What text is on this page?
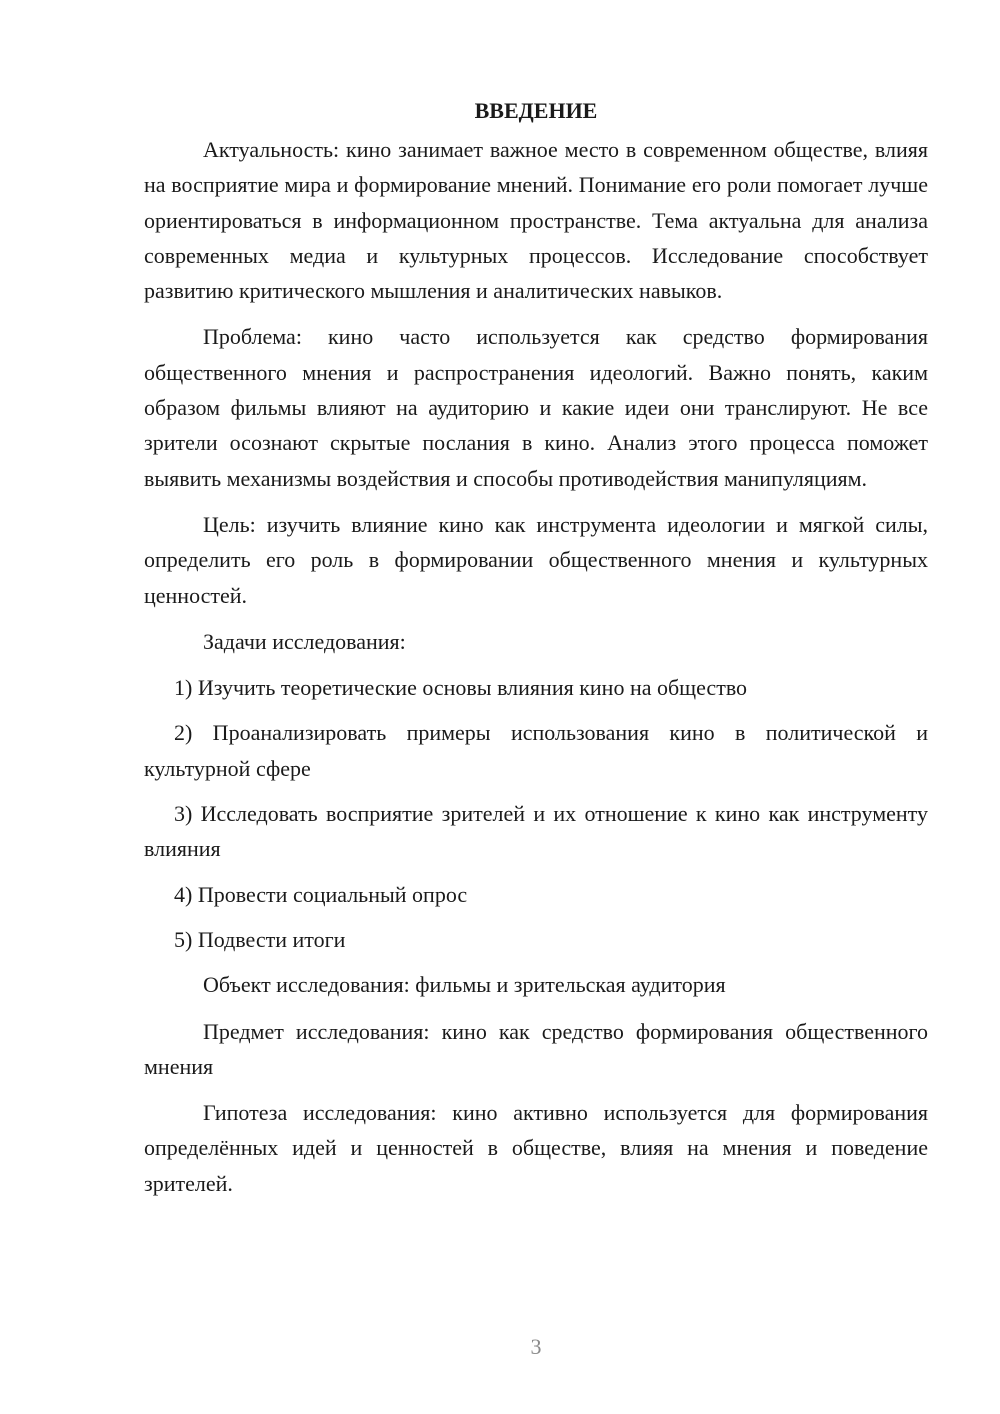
ВВЕДЕНИЕ

Актуальность: кино занимает важное место в современном обществе, влияя на восприятие мира и формирование мнений. Понимание его роли помогает лучше ориентироваться в информационном пространстве. Тема актуальна для анализа современных медиа и культурных процессов. Исследование способствует развитию критического мышления и аналитических навыков.

Проблема: кино часто используется как средство формирования общественного мнения и распространения идеологий. Важно понять, каким образом фильмы влияют на аудиторию и какие идеи они транслируют. Не все зрители осознают скрытые послания в кино. Анализ этого процесса поможет выявить механизмы воздействия и способы противодействия манипуляциям.

Цель: изучить влияние кино как инструмента идеологии и мягкой силы, определить его роль в формировании общественного мнения и культурных ценностей.

Задачи исследования:

1) Изучить теоретические основы влияния кино на общество

2) Проанализировать примеры использования кино в политической и культурной сфере

3) Исследовать восприятие зрителей и их отношение к кино как инструменту влияния

4) Провести социальный опрос

5) Подвести итоги

Объект исследования: фильмы и зрительская аудитория

Предмет исследования: кино как средство формирования общественного мнения

Гипотеза исследования: кино активно используется для формирования определённых идей и ценностей в обществе, влияя на мнения и поведение зрителей.

3
